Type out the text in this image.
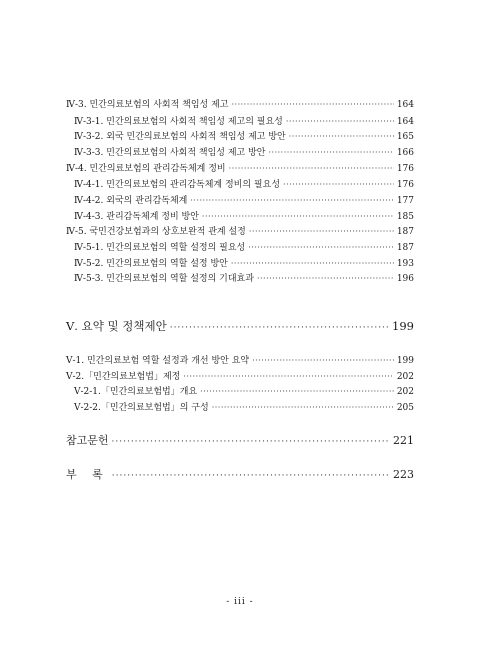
Ⅳ-3. 민간의료보험의 사회적 책임성 제고 ·····	164
Ⅳ-3-1. 민간의료보험의 사회적 책임성 제고의 필요성 ·····	164
Ⅳ-3-2. 외국 민간의료보험의 사회적 책임성 제고 방안 ·····	165
Ⅳ-3-3. 민간의료보험의 사회적 책임성 제고 방안 ·····	166
Ⅳ-4. 민간의료보험의 관리감독체계 정비 ·····	176
Ⅳ-4-1. 민간의료보험의 관리감독체계 정비의 필요성 ·····	176
Ⅳ-4-2. 외국의 관리감독체계 ·····	177
Ⅳ-4-3. 관리감독체계 정비 방안 ·····	185
Ⅳ-5. 국민건강보험과의 상호보완적 관계 설정 ·····	187
Ⅳ-5-1. 민간의료보험의 역할 설정의 필요성 ·····	187
Ⅳ-5-2. 민간의료보험의 역할 설정 방안 ·····	193
Ⅳ-5-3. 민간의료보험의 역할 설정의 기대효과 ·····	196
Ⅴ. 요약 및 정책제안 ·····	199
Ⅴ-1. 민간의료보험 역할 설정과 개선 방안 요약 ·····	199
Ⅴ-2.「민간의료보험법」제정 ·····	202
Ⅴ-2-1.「민간의료보험법」개요 ·····	202
Ⅴ-2-2.「민간의료보험법」의 구성 ·····	205
참고문헌 ·····	221
부 록 ·····	223
- iii -
